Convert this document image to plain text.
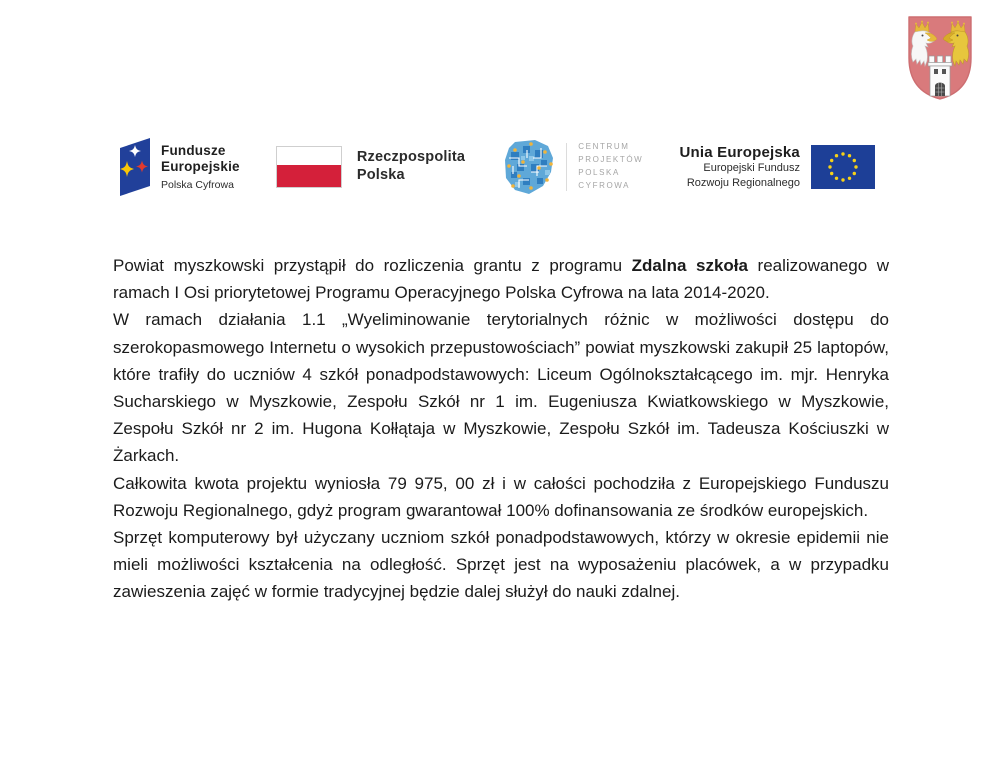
Fundusze
Europejskie
Polska Cyfrowa
Rzeczpospolita
Polska
CENTRUM
PROJEKTÓW
POLSKA
CYFROWA
Unia Europejska
Europejski Fundusz
Rozwoju Regionalnego

Powiat myszkowski przystąpił do rozliczenia grantu z programu Zdalna szkoła realizowanego w ramach I Osi priorytetowej Programu Operacyjnego Polska Cyfrowa na lata 2014-2020.

W ramach działania 1.1 „Wyeliminowanie terytorialnych różnic w możliwości dostępu do szerokopasmowego Internetu o wysokich przepustowościach” powiat myszkowski zakupił 25 laptopów, które trafiły do uczniów 4 szkół ponadpodstawowych: Liceum Ogólnokształcącego im. mjr. Henryka Sucharskiego w Myszkowie, Zespołu Szkół nr 1 im. Eugeniusza Kwiatkowskiego w Myszkowie, Zespołu Szkół nr 2 im. Hugona Kołłątaja w Myszkowie, Zespołu Szkół im. Tadeusza Kościuszki w Żarkach.

Całkowita kwota projektu wyniosła 79 975, 00 zł i w całości pochodziła z Europejskiego Funduszu Rozwoju Regionalnego, gdyż program gwarantował 100% dofinansowania ze środków europejskich.

Sprzęt komputerowy był użyczany uczniom szkół ponadpodstawowych, którzy w okresie epidemii nie mieli możliwości kształcenia na odległość. Sprzęt jest na wyposażeniu placówek, a w przypadku zawieszenia zajęć w formie tradycyjnej będzie dalej służył do nauki zdalnej.
